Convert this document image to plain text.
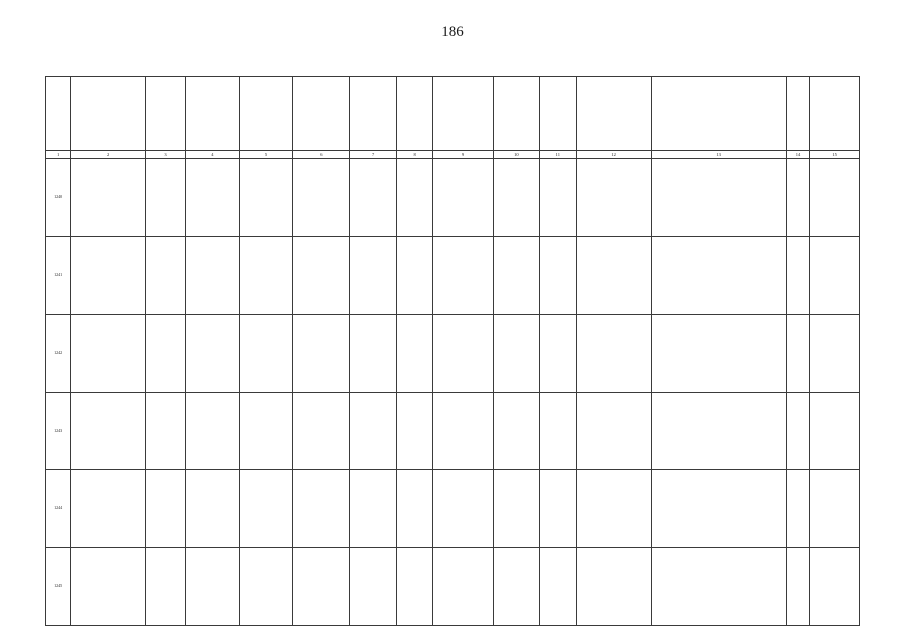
186

1	2	3	4	5	6	7	8	9	10	11	12	13	14	15
1240														
1241														
1242														
1243														
1244														
1245														
